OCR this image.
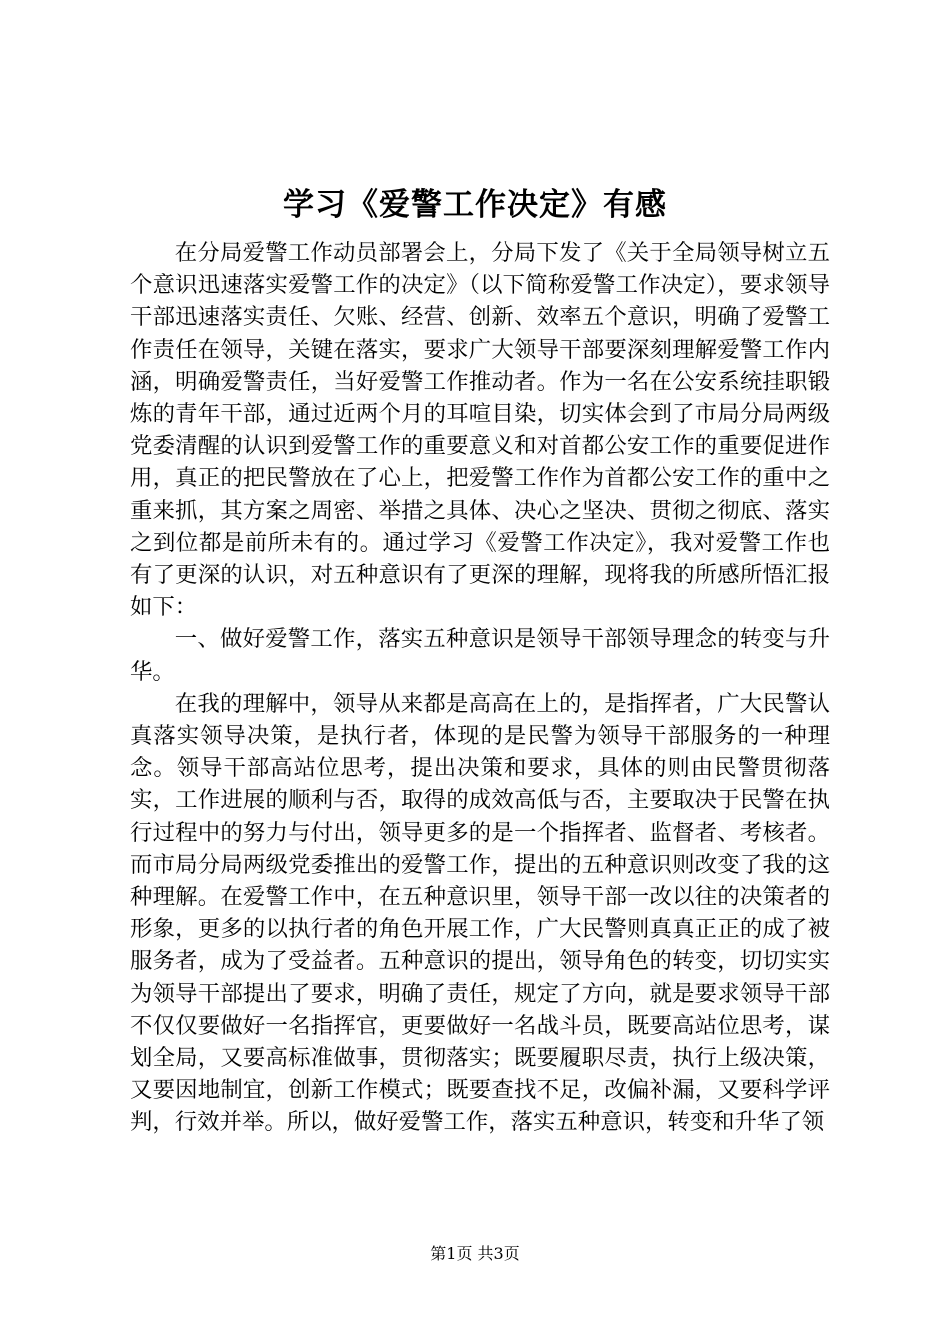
学习《爱警工作决定》有感

在分局爱警工作动员部署会上，分局下发了《关于全局领导树立五个意识迅速落实爱警工作的决定》（以下简称爱警工作决定），要求领导干部迅速落实责任、欠账、经营、创新、效率五个意识，明确了爱警工作责任在领导，关键在落实，要求广大领导干部要深刻理解爱警工作内涵，明确爱警责任，当好爱警工作推动者。作为一名在公安系统挂职锻炼的青年干部，通过近两个月的耳喧目染，切实体会到了市局分局两级党委清醒的认识到爱警工作的重要意义和对首都公安工作的重要促进作用，真正的把民警放在了心上，把爱警工作作为首都公安工作的重中之重来抓，其方案之周密、举措之具体、决心之坚决、贯彻之彻底、落实之到位都是前所未有的。通过学习《爱警工作决定》，我对爱警工作也有了更深的认识，对五种意识有了更深的理解，现将我的所感所悟汇报如下：

一、做好爱警工作，落实五种意识是领导干部领导理念的转变与升华。

在我的理解中，领导从来都是高高在上的，是指挥者，广大民警认真落实领导决策，是执行者，体现的是民警为领导干部服务的一种理念。领导干部高站位思考，提出决策和要求，具体的则由民警贯彻落实，工作进展的顺利与否，取得的成效高低与否，主要取决于民警在执行过程中的努力与付出，领导更多的是一个指挥者、监督者、考核者。而市局分局两级党委推出的爱警工作，提出的五种意识则改变了我的这种理解。在爱警工作中，在五种意识里，领导干部一改以往的决策者的形象，更多的以执行者的角色开展工作，广大民警则真真正正的成了被服务者，成为了受益者。五种意识的提出，领导角色的转变，切切实实为领导干部提出了要求，明确了责任，规定了方向，就是要求领导干部不仅仅要做好一名指挥官，更要做好一名战斗员，既要高站位思考，谋划全局，又要高标准做事，贯彻落实；既要履职尽责，执行上级决策，又要因地制宜，创新工作模式；既要查找不足，改偏补漏，又要科学评判，行效并举。所以，做好爱警工作，落实五种意识，转变和升华了领

第1页 共3页
